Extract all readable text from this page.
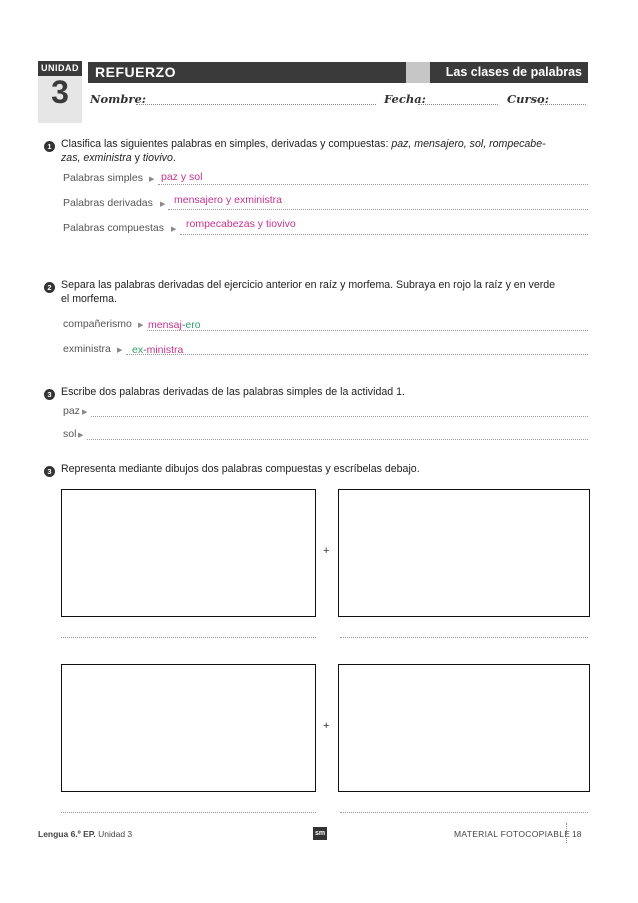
UNIDAD
3
REFUERZO	Las clases de palabras
Nombre:	Fecha:	Curso:
1 Clasifica las siguientes palabras en simples, derivadas y compuestas: paz, mensajero, sol, rompecabe-
zas, exministra y tiovivo.
Palabras simples ▶ paz y sol
Palabras derivadas ▶ mensajero y exministra
Palabras compuestas ▶ rompecabezas y tiovivo
2 Separa las palabras derivadas del ejercicio anterior en raíz y morfema. Subraya en rojo la raíz y en verde
el morfema.
compañerismo ▶ mensaj-ero
exministra ▶ ex-ministra
3 Escribe dos palabras derivadas de las palabras simples de la actividad 1.
paz ▶
sol ▶
3 Representa mediante dibujos dos palabras compuestas y escríbelas debajo.
+
+
Lengua 6.º EP. Unidad 3	sm	MATERIAL FOTOCOPIABLE 18
